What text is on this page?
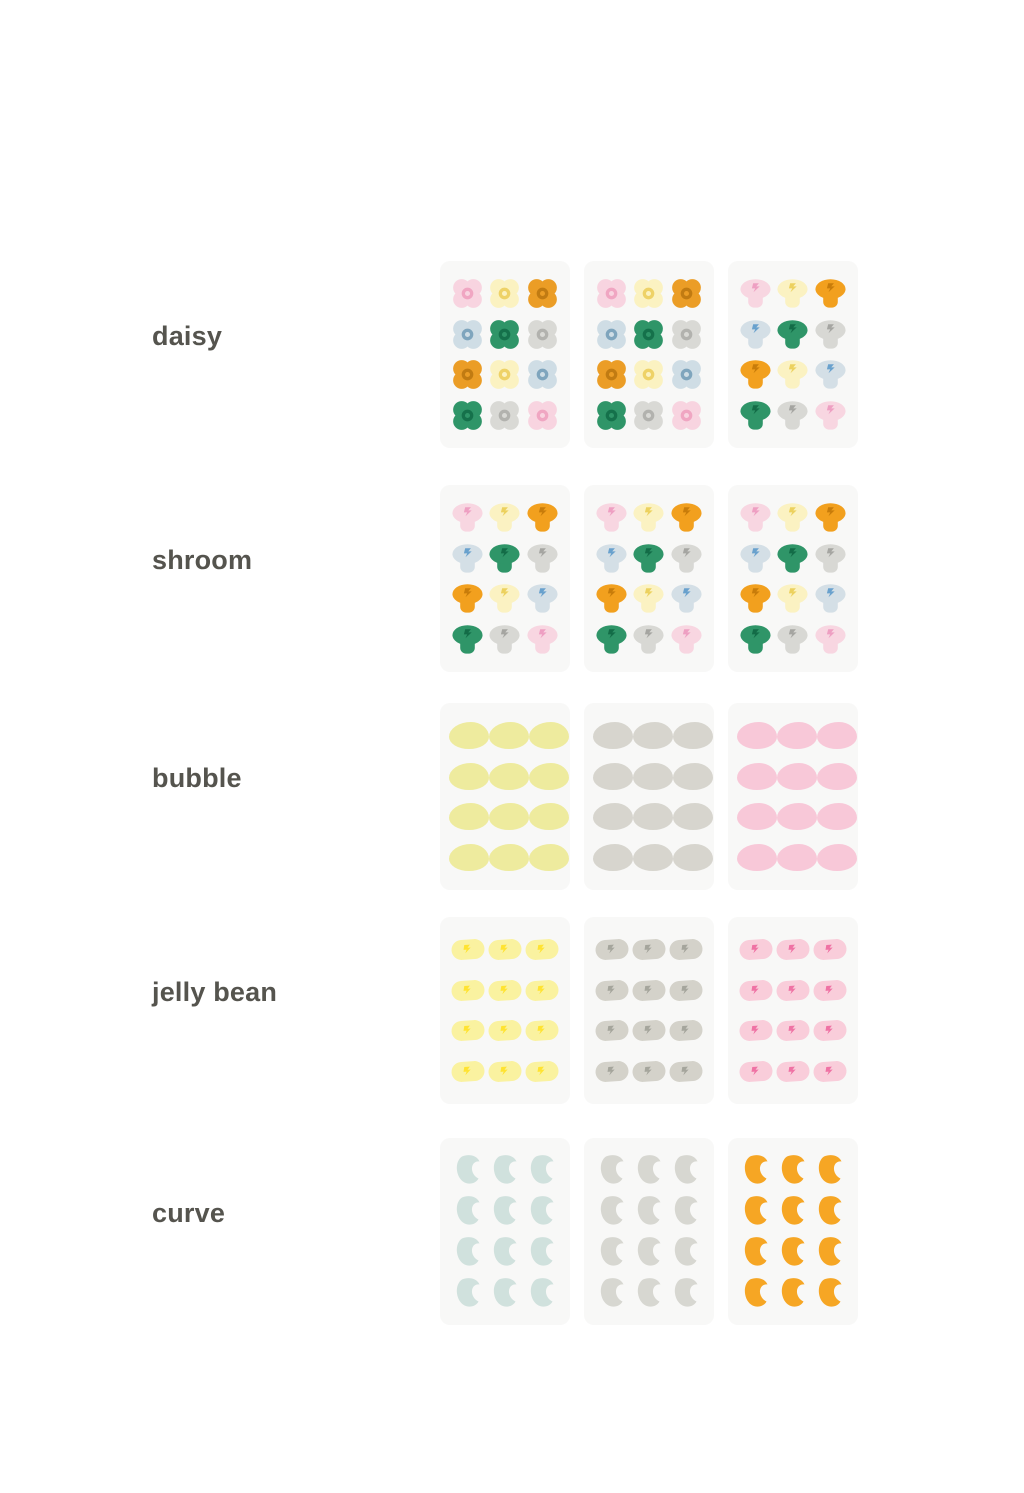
daisy
shroom
bubble
jelly bean
curve
